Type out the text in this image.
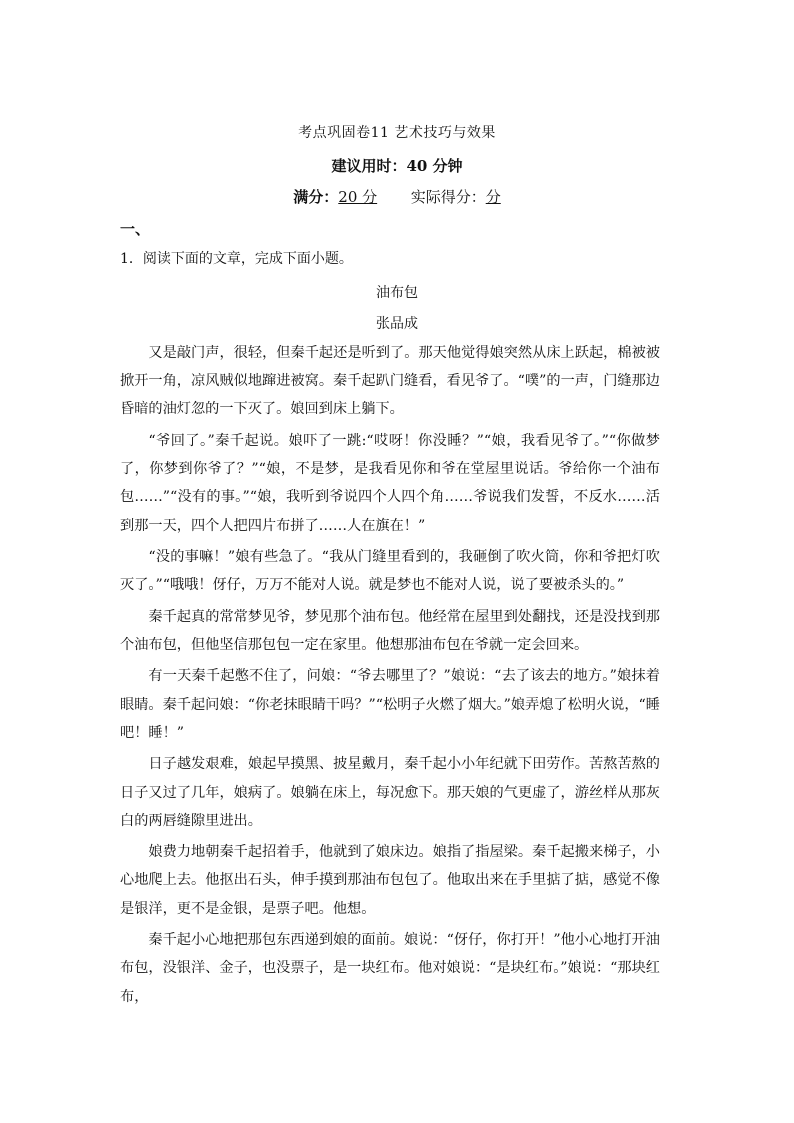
考点巩固卷11 艺术技巧与效果
建议用时：40 分钟
满分：20 分  实际得分：分
一、
1．阅读下面的文章，完成下面小题。
油布包
张品成

又是敲门声，很轻，但秦千起还是听到了。那天他觉得娘突然从床上跃起，棉被被掀开一角，凉风贼似地蹿进被窝。秦千起趴门缝看，看见爷了。“噗”的一声，门缝那边昏暗的油灯忽的一下灭了。娘回到床上躺下。

“爷回了。”秦千起说。娘吓了一跳:“哎呀！你没睡？”“娘，我看见爷了。”“你做梦了，你梦到你爷了？”“娘，不是梦，是我看见你和爷在堂屋里说话。爷给你一个油布包……”“没有的事。”“娘，我听到爷说四个人四个角……爷说我们发誓，不反水……活到那一天，四个人把四片布拼了……人在旗在！”

“没的事嘛！”娘有些急了。“我从门缝里看到的，我砸倒了吹火筒，你和爷把灯吹灭了。”“哦哦！伢仔，万万不能对人说。就是梦也不能对人说，说了要被杀头的。”

秦千起真的常常梦见爷，梦见那个油布包。他经常在屋里到处翻找，还是没找到那个油布包，但他坚信那包包一定在家里。他想那油布包在爷就一定会回来。

有一天秦千起憋不住了，问娘：“爷去哪里了？”娘说：“去了该去的地方。”娘抹着眼睛。秦千起问娘：“你老抹眼睛干吗？”“松明子火燃了烟大。”娘弄熄了松明火说，“睡吧！睡！”

日子越发艰难，娘起早摸黑、披星戴月，秦千起小小年纪就下田劳作。苦熬苦熬的日子又过了几年，娘病了。娘躺在床上，每况愈下。那天娘的气更虚了，游丝样从那灰白的两唇缝隙里进出。

娘费力地朝秦千起招着手，他就到了娘床边。娘指了指屋梁。秦千起搬来梯子，小心地爬上去。他抠出石头，伸手摸到那油布包包了。他取出来在手里掂了掂，感觉不像是银洋，更不是金银，是票子吧。他想。

秦千起小心地把那包东西递到娘的面前。娘说：“伢仔，你打开！”他小心地打开油布包，没银洋、金子，也没票子，是一块红布。他对娘说：“是块红布。”娘说：“那块红布，
